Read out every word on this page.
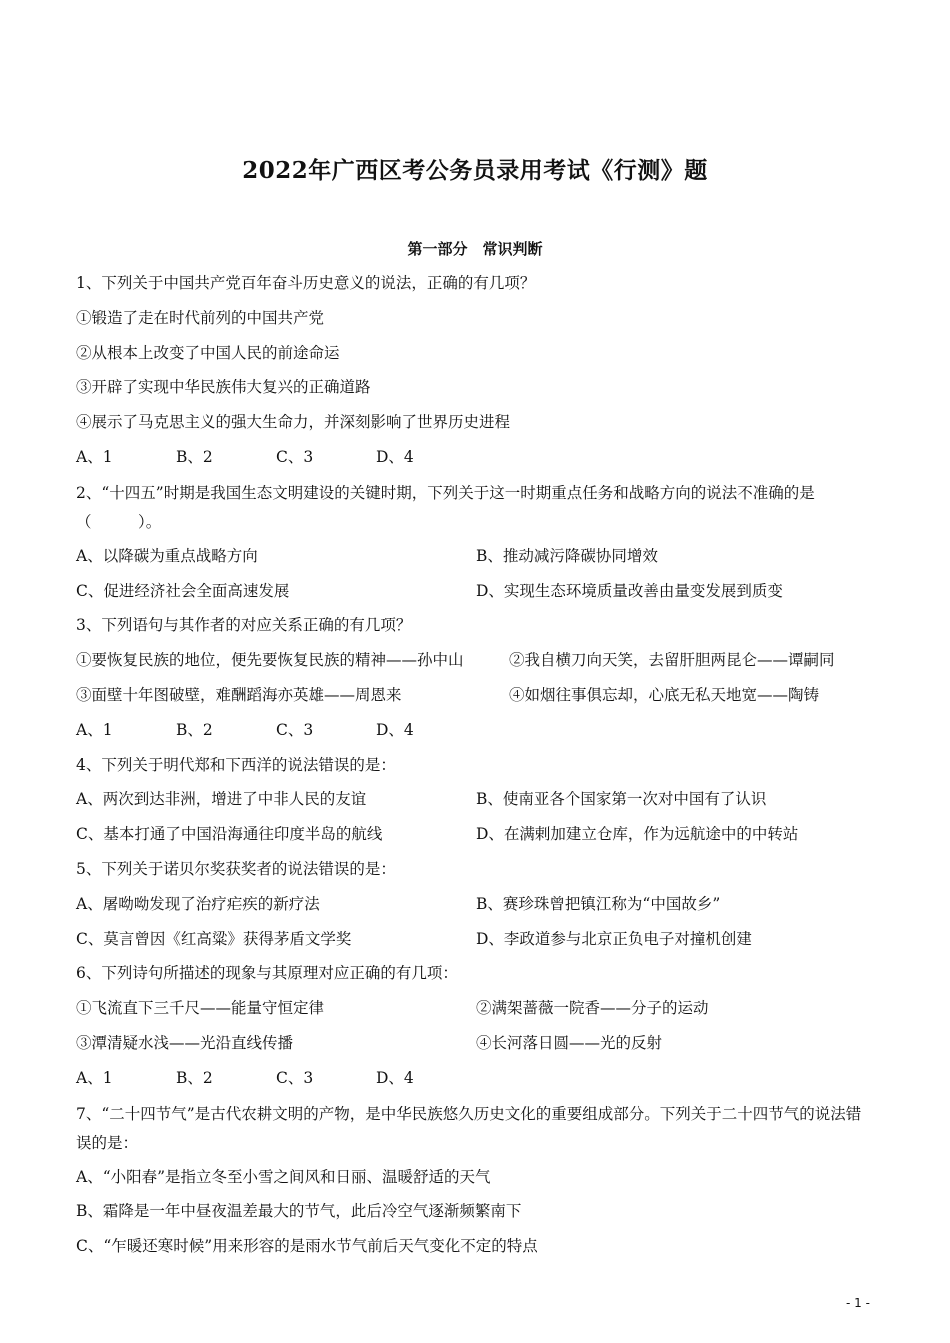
2022年广西区考公务员录用考试《行测》题
第一部分　常识判断
1、下列关于中国共产党百年奋斗历史意义的说法，正确的有几项？
①锻造了走在时代前列的中国共产党
②从根本上改变了中国人民的前途命运
③开辟了实现中华民族伟大复兴的正确道路
④展示了马克思主义的强大生命力，并深刻影响了世界历史进程
A、1	B、2	C、3	D、4
2、“十四五”时期是我国生态文明建设的关键时期，下列关于这一时期重点任务和战略方向的说法不准确的是（　　　）。
A、以降碳为重点战略方向	B、推动减污降碳协同增效
C、促进经济社会全面高速发展	D、实现生态环境质量改善由量变发展到质变
3、下列语句与其作者的对应关系正确的有几项？
①要恢复民族的地位，便先要恢复民族的精神——孙中山	②我自横刀向天笑，去留肝胆两昆仑——谭嗣同
③面壁十年图破壁，难酬蹈海亦英雄——周恩来	④如烟往事俱忘却，心底无私天地宽——陶铸
A、1	B、2	C、3	D、4
4、下列关于明代郑和下西洋的说法错误的是：
A、两次到达非洲，增进了中非人民的友谊	B、使南亚各个国家第一次对中国有了认识
C、基本打通了中国沿海通往印度半岛的航线	D、在满剌加建立仓库，作为远航途中的中转站
5、下列关于诺贝尔奖获奖者的说法错误的是：
A、屠呦呦发现了治疗疟疾的新疗法	B、赛珍珠曾把镇江称为“中国故乡”
C、莫言曾因《红高粱》获得茅盾文学奖	D、李政道参与北京正负电子对撞机创建
6、下列诗句所描述的现象与其原理对应正确的有几项：
①飞流直下三千尺——能量守恒定律	②满架蔷薇一院香——分子的运动
③潭清疑水浅——光沿直线传播	④长河落日圆——光的反射
A、1	B、2	C、3	D、4
7、“二十四节气”是古代农耕文明的产物，是中华民族悠久历史文化的重要组成部分。下列关于二十四节气的说法错误的是：
A、“小阳春”是指立冬至小雪之间风和日丽、温暖舒适的天气
B、霜降是一年中昼夜温差最大的节气，此后冷空气逐渐频繁南下
C、“乍暖还寒时候”用来形容的是雨水节气前后天气变化不定的特点
- 1 -
